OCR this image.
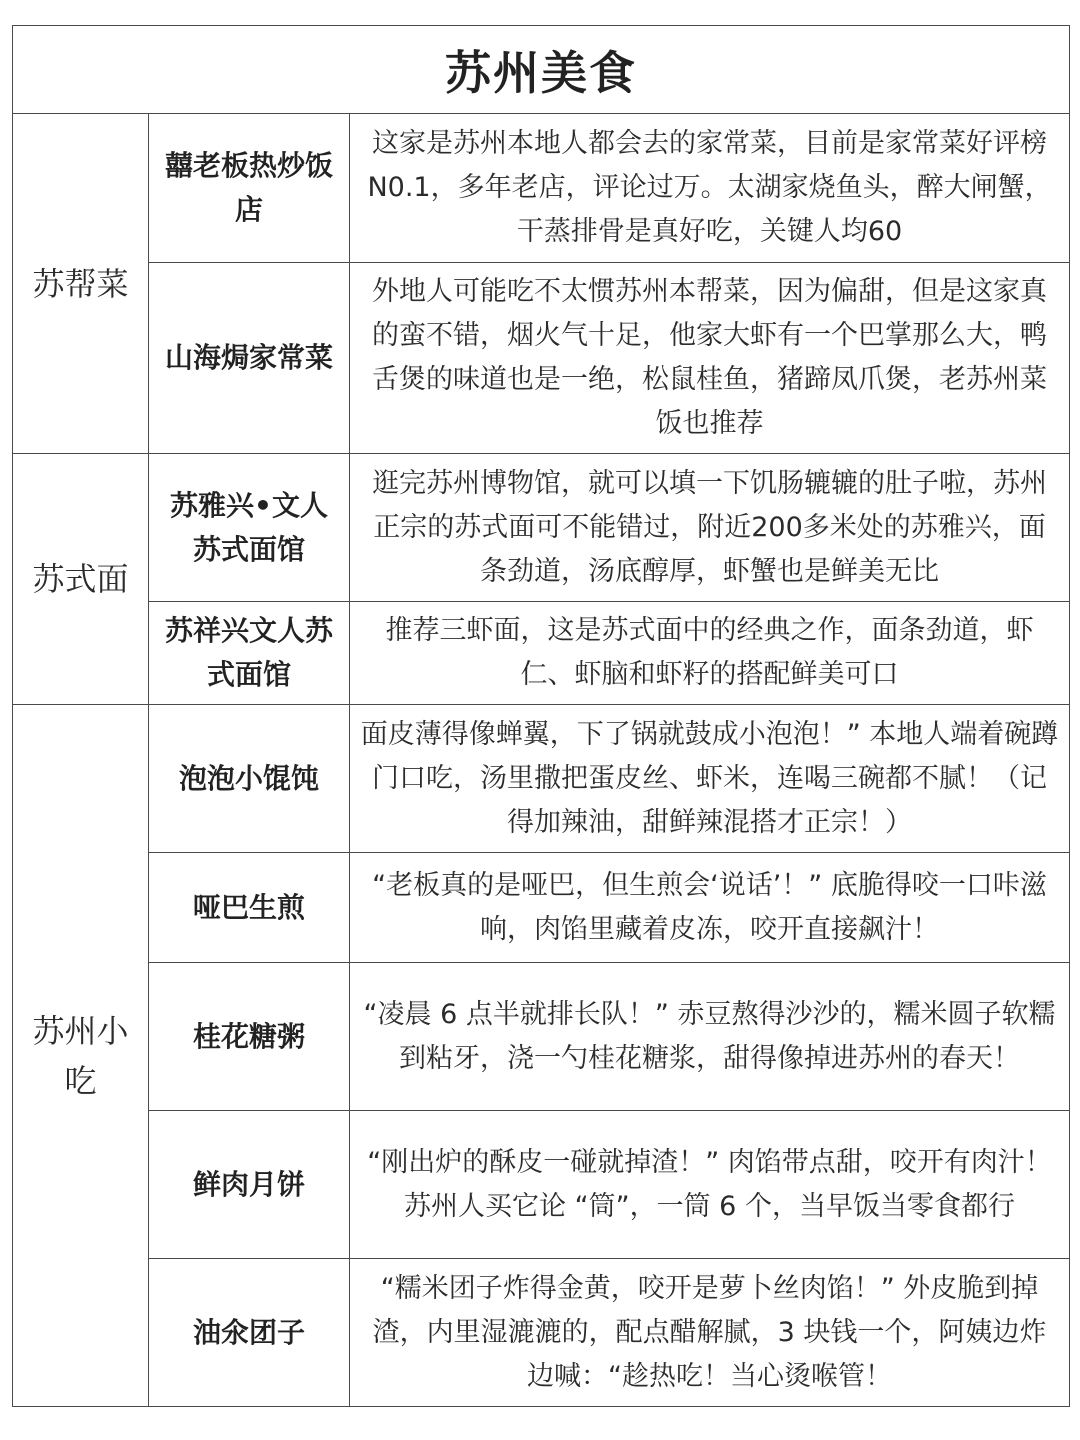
苏州美食		
苏帮菜	囍老板热炒饭店	这家是苏州本地人都会去的家常菜，目前是家常菜好评榜N0.1，多年老店，评论过万。太湖家烧鱼头，醉大闸蟹，干蒸排骨是真好吃，关键人均60
	山海焗家常菜	外地人可能吃不太惯苏州本帮菜，因为偏甜，但是这家真的蛮不错，烟火气十足，他家大虾有一个巴掌那么大，鸭舌煲的味道也是一绝，松鼠桂鱼，猪蹄凤爪煲，老苏州菜饭也推荐
苏式面	苏雅兴•文人苏式面馆	逛完苏州博物馆，就可以填一下饥肠辘辘的肚子啦，苏州正宗的苏式面可不能错过，附近200多米处的苏雅兴，面条劲道，汤底醇厚，虾蟹也是鲜美无比
	苏祥兴文人苏式面馆	推荐三虾面，这是苏式面中的经典之作，面条劲道，虾仁、虾脑和虾籽的搭配鲜美可口
苏州小吃	泡泡小馄饨	面皮薄得像蝉翼，下了锅就鼓成小泡泡！” 本地人端着碗蹲门口吃，汤里撒把蛋皮丝、虾米，连喝三碗都不腻！（记得加辣油，甜鲜辣混搭才正宗！）
	哑巴生煎	“老板真的是哑巴，但生煎会‘说话’！” 底脆得咬一口咔滋响，肉馅里藏着皮冻，咬开直接飙汁！
	桂花糖粥	“凌晨 6 点半就排长队！” 赤豆熬得沙沙的，糯米圆子软糯到粘牙，浇一勺桂花糖浆，甜得像掉进苏州的春天！
	鲜肉月饼	“刚出炉的酥皮一碰就掉渣！” 肉馅带点甜，咬开有肉汁！苏州人买它论 “筒”，一筒 6 个，当早饭当零食都行
	油氽团子	“糯米团子炸得金黄，咬开是萝卜丝肉馅！” 外皮脆到掉渣，内里湿漉漉的，配点醋解腻，3 块钱一个，阿姨边炸边喊：“趁热吃！当心烫喉管！
